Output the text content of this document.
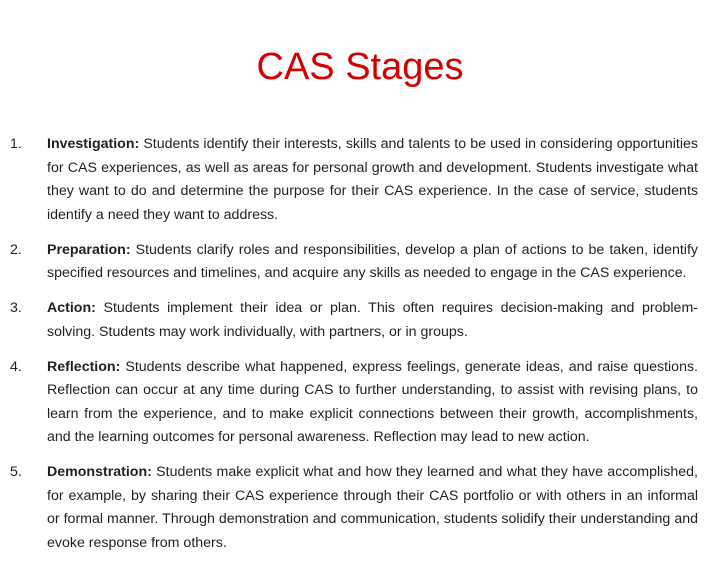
CAS Stages
1.	Investigation: Students identify their interests, skills and talents to be used in considering opportunities for CAS experiences, as well as areas for personal growth and development. Students investigate what they want to do and determine the purpose for their CAS experience. In the case of service, students identify a need they want to address.
2.	Preparation: Students clarify roles and responsibilities, develop a plan of actions to be taken, identify specified resources and timelines, and acquire any skills as needed to engage in the CAS experience.
3.	Action: Students implement their idea or plan. This often requires decision-making and problem-solving. Students may work individually, with partners, or in groups.
4.	Reflection: Students describe what happened, express feelings, generate ideas, and raise questions. Reflection can occur at any time during CAS to further understanding, to assist with revising plans, to learn from the experience, and to make explicit connections between their growth, accomplishments, and the learning outcomes for personal awareness. Reflection may lead to new action.
5.	Demonstration: Students make explicit what and how they learned and what they have accomplished, for example, by sharing their CAS experience through their CAS portfolio or with others in an informal or formal manner. Through demonstration and communication, students solidify their understanding and evoke response from others.
